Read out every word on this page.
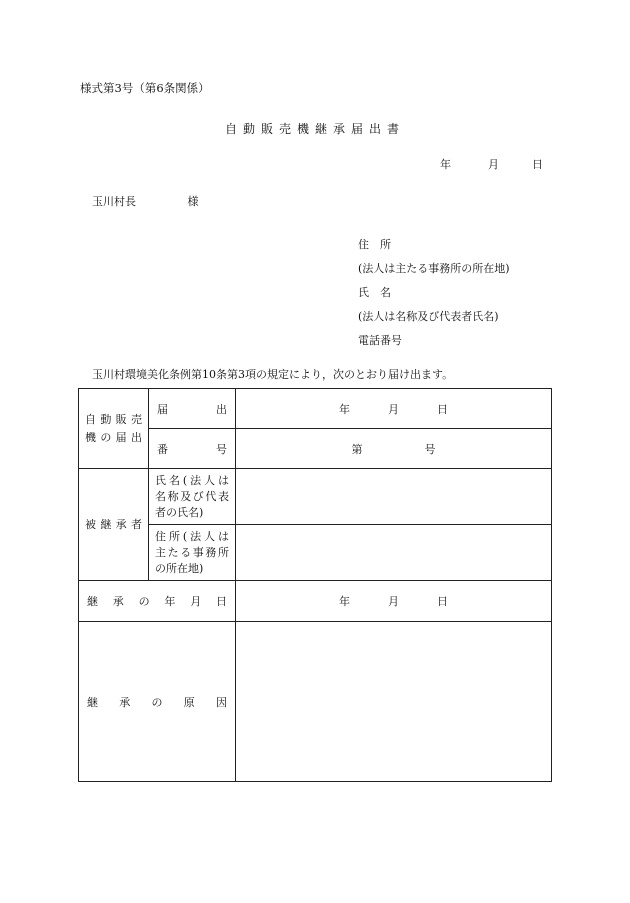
様式第3号（第6条関係）
自動販売機継承届出書
年	月	日
玉川村長	様
住　所
(法人は主たる事務所の所在地)
氏　名
(法人は名称及び代表者氏名)
電話番号
玉川村環境美化条例第10条第3項の規定により，次のとおり届け出ます。
自動販売
機の届出	届出	年 月 日
	番号	第 号
被継承者	氏名(法人は
名称及び代表
者の氏名)	

	住所(法人は
主たる事務所
の所在地)	

継承の年月日		年 月 日
継承の原因		
